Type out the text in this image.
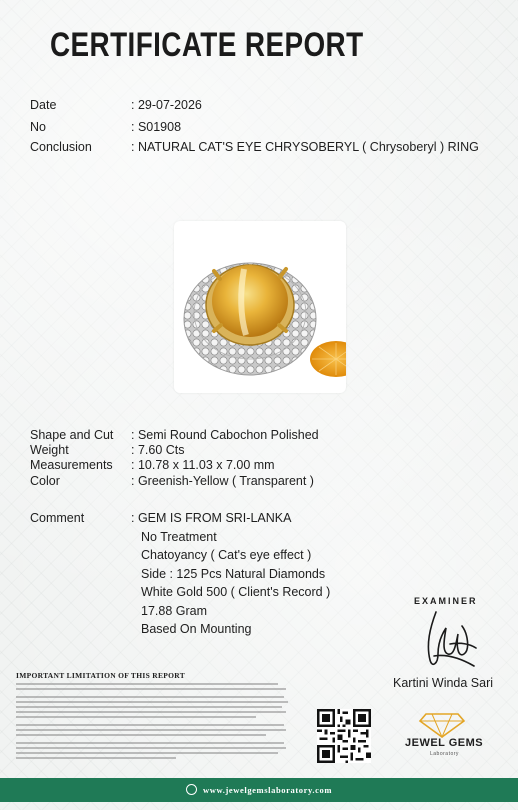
CERTIFICATE REPORT
Date	: 29-07-2026
No	: S01908
Conclusion	: NATURAL CAT'S EYE CHRYSOBERYL ( Chrysoberyl ) RING
Shape and Cut : Semi Round Cabochon Polished
Weight	: 7.60 Cts
Measurements : 10.78 x 11.03 x 7.00 mm
Color	: Greenish-Yellow ( Transparent )
Comment	: GEM IS FROM SRI-LANKA
No Treatment
Chatoyancy ( Cat's eye effect )
Side : 125 Pcs Natural Diamonds
White Gold 500 ( Client's Record )
17.88 Gram
Based On Mounting
IMPORTANT LIMITATION OF THIS REPORT
EXAMINER
Kartini Winda Sari
JEWEL GEMS
Laboratory
www.jewelgemslaboratory.com
